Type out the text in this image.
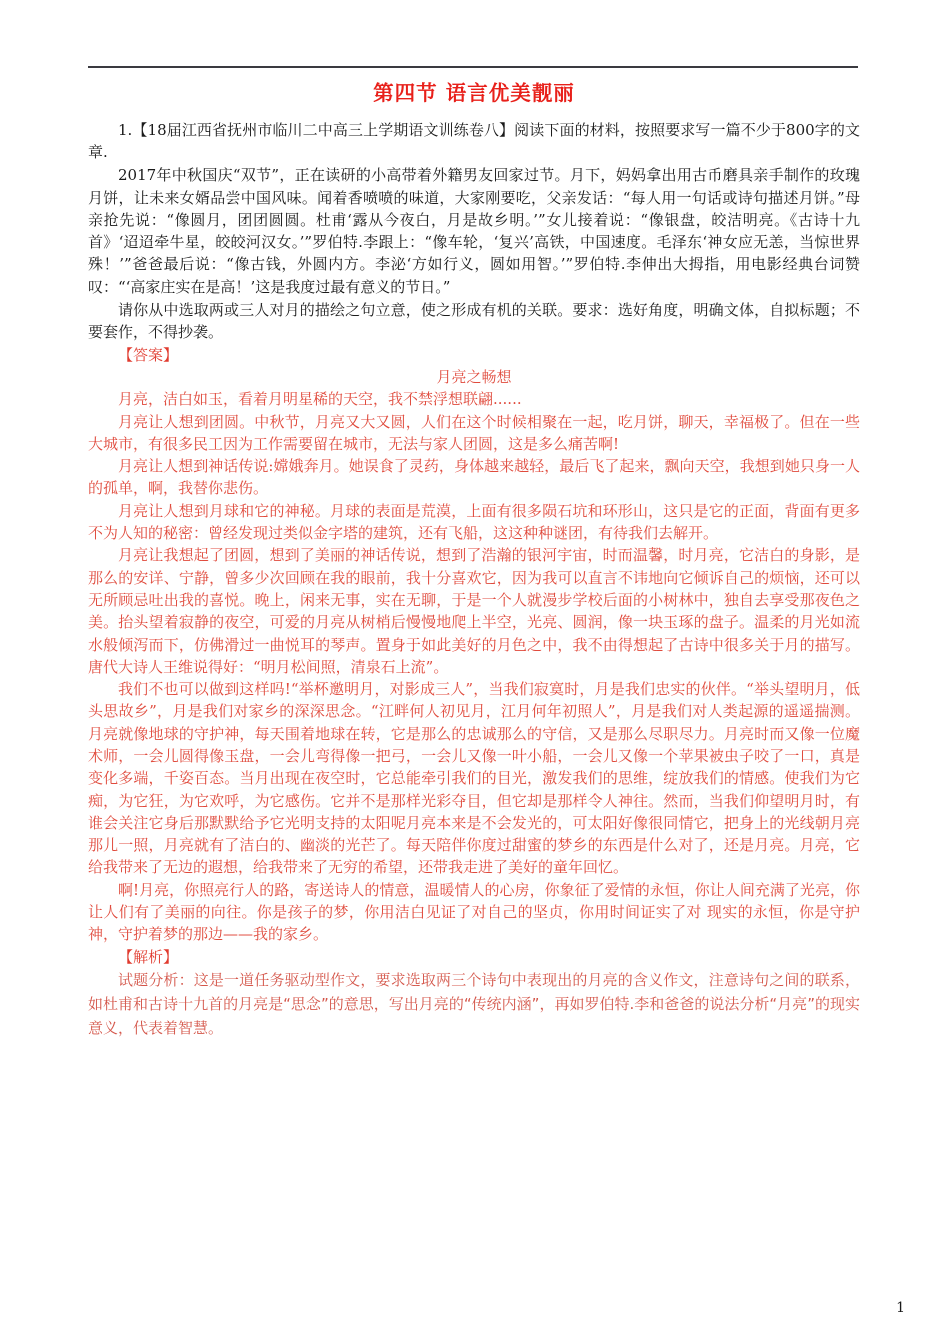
第四节 语言优美靓丽

1.【18届江西省抚州市临川二中高三上学期语文训练卷八】阅读下面的材料，按照要求写一篇不少于800字的文章.

2017年中秋国庆“双节”，正在读研的小高带着外籍男友回家过节。月下，妈妈拿出用古币磨具亲手制作的玫瑰月饼，让未来女婿品尝中国风味。闻着香喷喷的味道，大家刚要吃，父亲发话：“每人用一句话或诗句描述月饼。”母亲抢先说：“像圆月，团团圆圆。杜甫‘露从今夜白，月是故乡明。’”女儿接着说：“像银盘，皎洁明亮。《古诗十九首》‘迢迢牵牛星，皎皎河汉女。’”罗伯特.李跟上：“像车轮，‘复兴’高铁，中国速度。毛泽东‘神女应无恙，当惊世界殊！’”爸爸最后说：“像古钱，外圆内方。李泌‘方如行义，圆如用智。’”罗伯特.李伸出大拇指，用电影经典台词赞叹：“‘高家庄实在是高！’这是我度过最有意义的节日。”

请你从中选取两或三人对月的描绘之句立意，使之形成有机的关联。要求：选好角度，明确文体，自拟标题；不要套作，不得抄袭。

【答案】

月亮之畅想

月亮，洁白如玉，看着月明星稀的天空，我不禁浮想联翩......

月亮让人想到团圆。中秋节，月亮又大又圆，人们在这个时候相聚在一起，吃月饼，聊天，幸福极了。但在一些大城市，有很多民工因为工作需要留在城市，无法与家人团圆，这是多么痛苦啊!

月亮让人想到神话传说:嫦娥奔月。她误食了灵药，身体越来越轻，最后飞了起来，飘向天空，我想到她只身一人的孤单，啊，我替你悲伤。

月亮让人想到月球和它的神秘。月球的表面是荒漠，上面有很多陨石坑和环形山，这只是它的正面，背面有更多不为人知的秘密：曾经发现过类似金字塔的建筑，还有飞船，这这种种谜团，有待我们去解开。

月亮让我想起了团圆，想到了美丽的神话传说，想到了浩瀚的银河宇宙，时而温馨，时月亮，它洁白的身影，是那么的安详、宁静，曾多少次回顾在我的眼前，我十分喜欢它，因为我可以直言不讳地向它倾诉自己的烦恼，还可以无所顾忌吐出我的喜悦。晚上，闲来无事，实在无聊，于是一个人就漫步学校后面的小树林中，独自去享受那夜色之美。抬头望着寂静的夜空，可爱的月亮从树梢后慢慢地爬上半空，光亮、圆润，像一块玉琢的盘子。温柔的月光如流水般倾泻而下，仿佛滑过一曲悦耳的琴声。置身于如此美好的月色之中，我不由得想起了古诗中很多关于月的描写。唐代大诗人王维说得好：“明月松间照，清泉石上流”。

我们不也可以做到这样吗!“举杯邀明月，对影成三人”，当我们寂寞时，月是我们忠实的伙伴。“举头望明月，低头思故乡”，月是我们对家乡的深深思念。“江畔何人初见月，江月何年初照人”，月是我们对人类起源的遥遥揣测。月亮就像地球的守护神，每天围着地球在转，它是那么的忠诚那么的守信，又是那么尽职尽力。月亮时而又像一位魔术师，一会儿圆得像玉盘，一会儿弯得像一把弓，一会儿又像一叶小船，一会儿又像一个苹果被虫子咬了一口，真是变化多端，千姿百态。当月出现在夜空时，它总能牵引我们的目光，激发我们的思维，绽放我们的情感。使我们为它痴，为它狂，为它欢呼，为它感伤。它并不是那样光彩夺目，但它却是那样令人神往。然而，当我们仰望明月时，有谁会关注它身后那默默给予它光明支持的太阳呢月亮本来是不会发光的，可太阳好像很同情它，把身上的光线朝月亮那儿一照，月亮就有了洁白的、幽淡的光芒了。每天陪伴你度过甜蜜的梦乡的东西是什么对了，还是月亮。月亮，它给我带来了无边的遐想，给我带来了无穷的希望，还带我走进了美好的童年回忆。

啊!月亮，你照亮行人的路，寄送诗人的情意，温暖情人的心房，你象征了爱情的永恒，你让人间充满了光亮，你让人们有了美丽的向往。你是孩子的梦，你用洁白见证了对自己的坚贞，你用时间证实了对 现实的永恒，你是守护神，守护着梦的那边——我的家乡。

【解析】

试题分析：这是一道任务驱动型作文，要求选取两三个诗句中表现出的月亮的含义作文，注意诗句之间的联系，如杜甫和古诗十九首的月亮是“思念”的意思，写出月亮的“传统内涵”，再如罗伯特.李和爸爸的说法分析“月亮”的现实意义，代表着智慧。

1
